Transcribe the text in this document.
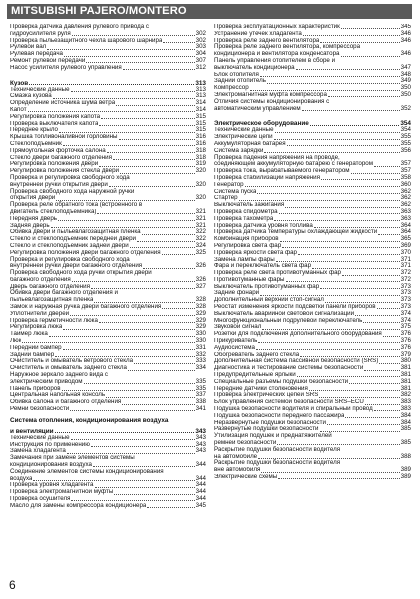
MITSUBISHI PAJERO/MONTERO
Проверка датчика давления рулевого привода с
гидроусилителя руля	302
Проверка пыльезащитного чехла шарового шарнира	302
Рулевой вал	303
Рулевая передача	304
Ремонт рулевой передачи	307
Насос усилителя рулевого управления	312
Кузов	313
Технические данные	313
Смазка кузова	313
Определение источника шума ветра	314
Капот	314
Регулировка положения капота	315
Проверка выключателя капота	315
Переднее крыло	315
Крышка топливоналивной горловины	316
Стеклоподъемник	316
Прямоугольная форточка салона	318
Стекло двери багажного отделения	318
Регулировка положения двери	319
Регулировка положения стекла двери	320
Проверка и регулировка свободного хода
внутренней ручки открытия двери	320
Проверка свободного хода наружной ручки
открытия двери	320
Проверка реле обратного тока (встроенного в
двигатель стеклоподъемника)	321
Передняя дверь	321
Задняя дверь	321
Обивка двери и пыльевлагозащитная пленка	322
Стекло и стеклоподъемник передней двери	322
Стекло и стеклоподъемник задней двери	324
Регулировка положения двери багажного отделения	325
Проверка и регулировка свободного хода
внутренней ручки двери багажного отделения	326
Проверка свободного хода ручки открытия двери
багажного отделения	326
Дверь багажного отделения	327
Обивка двери багажного отделения и
пыльевлагозащитная пленка	328
Замок и наружная ручка двери багажного отделения	328
Уплотнители дверей	329
Проверка герметичности люка	329
Регулировка люка	329
Таймер люка	330
Люк	330
Передний бампер	331
Задний бампер	332
Очиститель и омыватель ветрового стекла	333
Очиститель и омыватель заднего стекла	334
Наружное зеркало заднего вида с
электрическим приводом	335
Панель приборов	335
Центральная напольная консоль	337
Обивка салона и багажного отделения	338
Ремни безопасности	341
Система отопления, кондиционирования воздуха
и вентиляции	343
Технические данные	343
Инструкция по применению	343
Замена хладагента	343
Замечания при замене элементов системы
кондиционирования воздуха	344
Соединение элементов системы кондиционирования
воздуха	344
Проверка уровня хладагента	344
Проверка электромагнитной муфты	344
Проверка осушителя	344
Масло для замены компрессора кондиционера	345
Проверка эксплуатационных характеристик	345
Устранение утечек хладагента	346
Проверка реле заднего вентилятора	346
Проверка реле заднего вентилятора, компрессора
кондиционера и вентилятора конденсатора	346
Панель управления отопителем в сборе и
выключатель кондиционера	347
Блок отопителя	348
Задний отопитель	349
Компрессор	350
Электромагнитная муфта компрессора	350
Отличия системы кондиционирования с
автоматическим управлением	352
Электрическое оборудование	354
Технические данные	354
Электрические цепи	355
Аккумуляторная батарея	355
Система зарядки	356
Проверка падения напряжения на проводе,
соединяющем аккумуляторную батарею с генератором	357
Проверка тока, вырабатываемого генератором	357
Проверка стабилизации напряжения	358
Генератор	360
Система пуска	362
Стартер	362
Выключатель зажигания	362
Проверка спидометра	363
Проверка тахометра	363
Проверка датчика уровня топлива	364
Проверка датчика температуры охлаждающей жидкости	364
Комбинация приборов	365
Регулировка света фар	369
Проверка яркости света фар	370
Замена лампы фары	371
Фара и переключатель света фар	371
Проверка реле света противотуманных фар	372
Противотуманные фары	372
Выключатель противотуманных фар	373
Задние фонари	373
Дополнительный верхний стоп-сигнал	373
Реостат изменения яркости подсветки панели приборов	373
Выключатель аварийной световой сигнализации	374
Многофункциональный подрулевой переключатель	374
Звуковой сигнал	375
Розетки для подключения дополнительного оборудования	376
Прикуриватель	376
Аудиосистема	376
Обогреватель заднего стекла	379
Дополнительная система пассивной безопасности (SRS)	380
Диагностика и тестирование системы безопасности	381
Предупредительные ярлыки	381
Специальные разъемы подушки безопасности	381
Передние датчики столкновения	381
Проверка электрических цепей SRS	382
Блок управления системой безопасности SRS–ECU	383
Подушка безопасности водителя и спиральный провод	383
Подушка безопасности переднего пассажира	384
Неразвернутые подушки безопасности	384
Развернутые подушки безопасности	385
Утилизация подушек и преднатяжителей
ремней безопасности	385
Раскрытие подушки безопасности водителя
на автомобиле	388
Раскрытие подушки безопасности водителя
вне автомобиля	389
Электрические схемы	389
6
